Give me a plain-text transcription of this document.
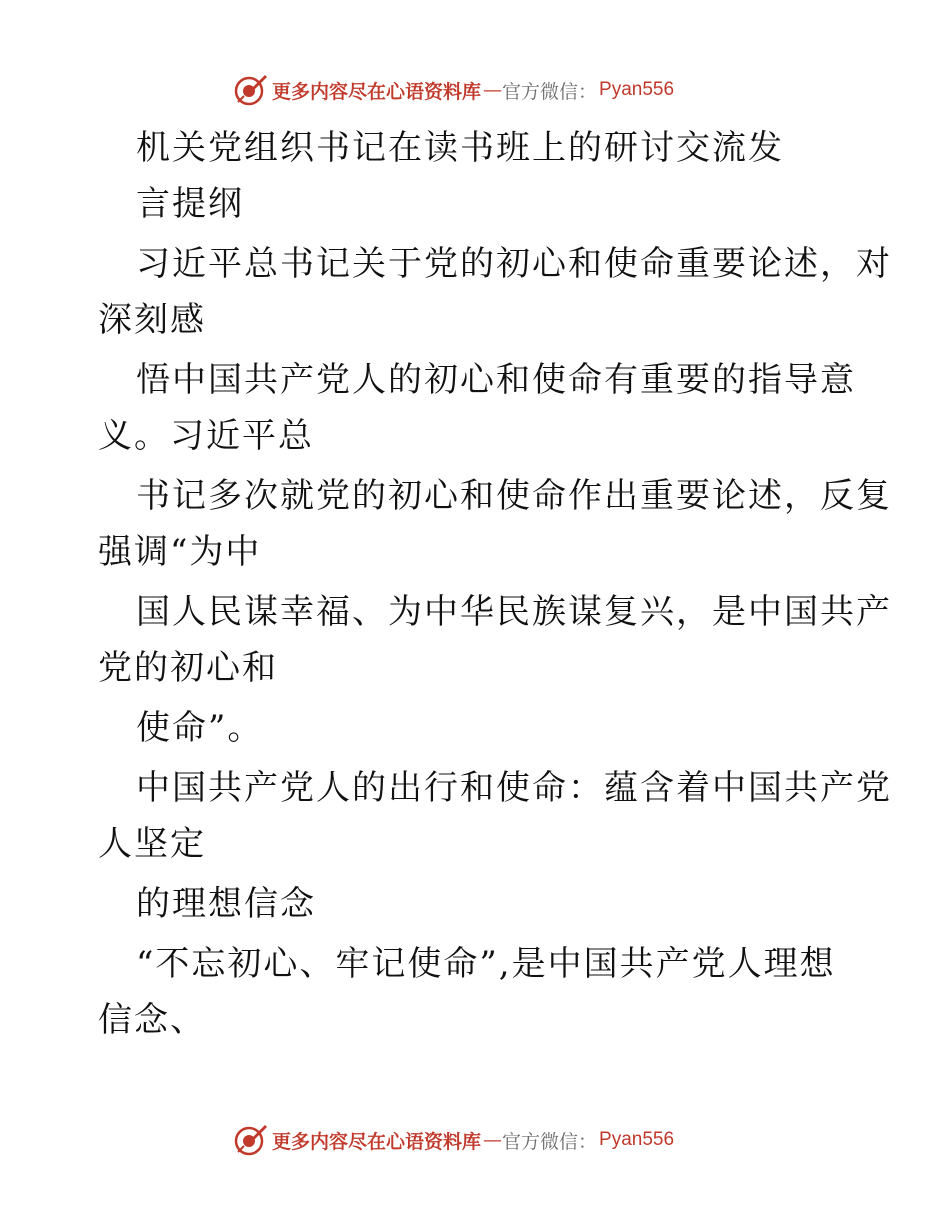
更多内容尽在心语资料库 — 官方微信： Pyan556
机关党组织书记在读书班上的研讨交流发
言提纲
习近平总书记关于党的初心和使命重要论述，对
深刻感
悟中国共产党人的初心和使命有重要的指导意
义。习近平总
书记多次就党的初心和使命作出重要论述，反复
强调“为中
国人民谋幸福、为中华民族谋复兴，是中国共产
党的初心和
使命”。
中国共产党人的出行和使命：蕴含着中国共产党
人坚定
的理想信念
“不忘初心、牢记使命”,是中国共产党人理想
信念、
更多内容尽在心语资料库 — 官方微信： Pyan556
